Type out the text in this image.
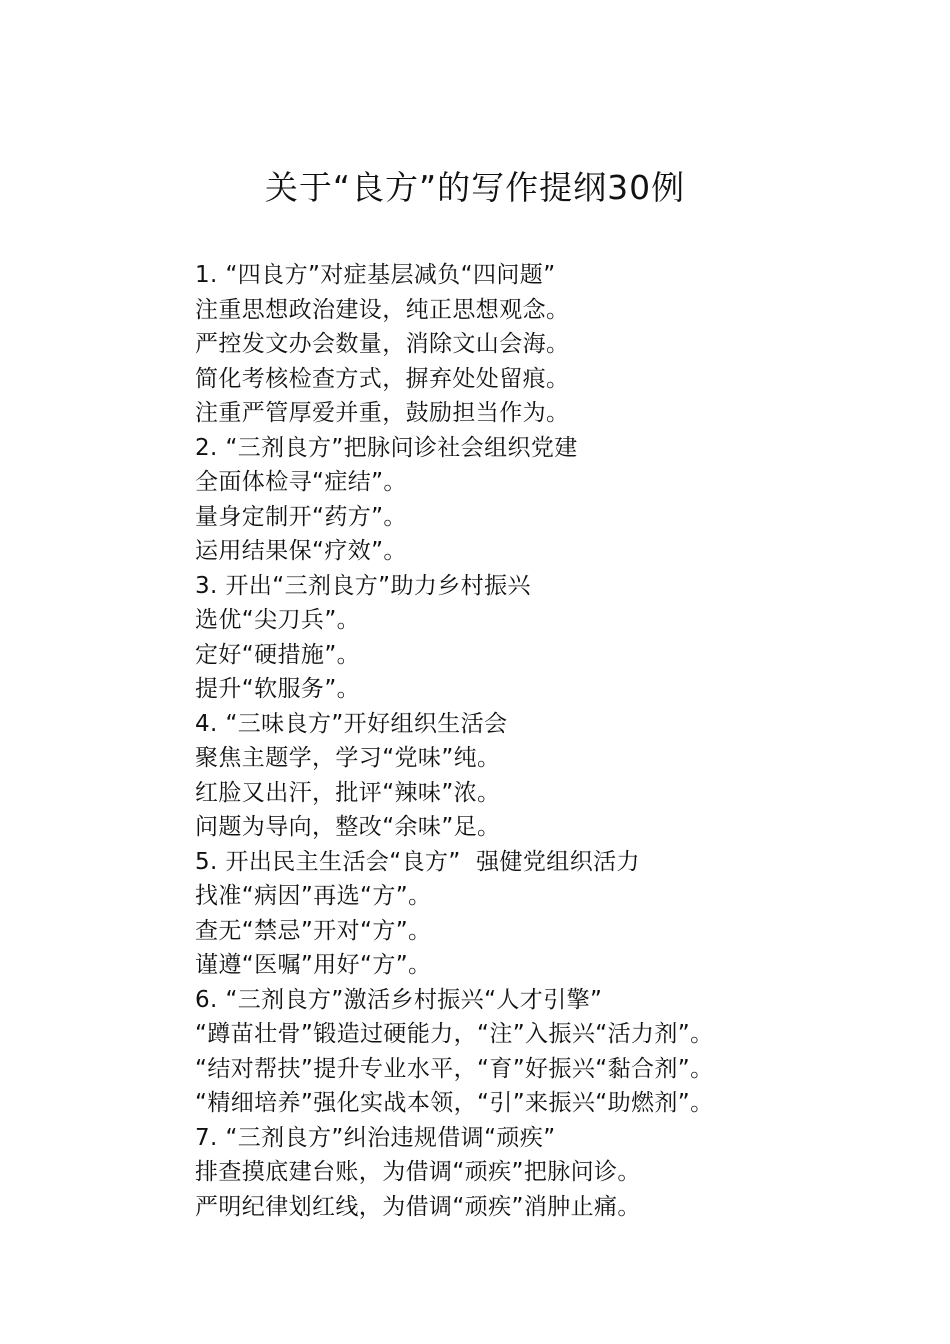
关于“良方”的写作提纲30例
1. “四良方”对症基层减负“四问题”
注重思想政治建设，纯正思想观念。
严控发文办会数量，消除文山会海。
简化考核检查方式，摒弃处处留痕。
注重严管厚爱并重，鼓励担当作为。
2. “三剂良方”把脉问诊社会组织党建
全面体检寻“症结”。
量身定制开“药方”。
运用结果保“疗效”。
3. 开出“三剂良方”助力乡村振兴
选优“尖刀兵”。
定好“硬措施”。
提升“软服务”。
4. “三味良方”开好组织生活会
聚焦主题学，学习“党味”纯。
红脸又出汗，批评“辣味”浓。
问题为导向，整改“余味”足。
5. 开出民主生活会“良方”  强健党组织活力
找准“病因”再选“方”。
查无“禁忌”开对“方”。
谨遵“医嘱”用好“方”。
6. “三剂良方”激活乡村振兴“人才引擎”
“蹲苗壮骨”锻造过硬能力，“注”入振兴“活力剂”。
“结对帮扶”提升专业水平，“育”好振兴“黏合剂”。
“精细培养”强化实战本领，“引”来振兴“助燃剂”。
7. “三剂良方”纠治违规借调“顽疾”
排查摸底建台账，为借调“顽疾”把脉问诊。
严明纪律划红线，为借调“顽疾”消肿止痛。
